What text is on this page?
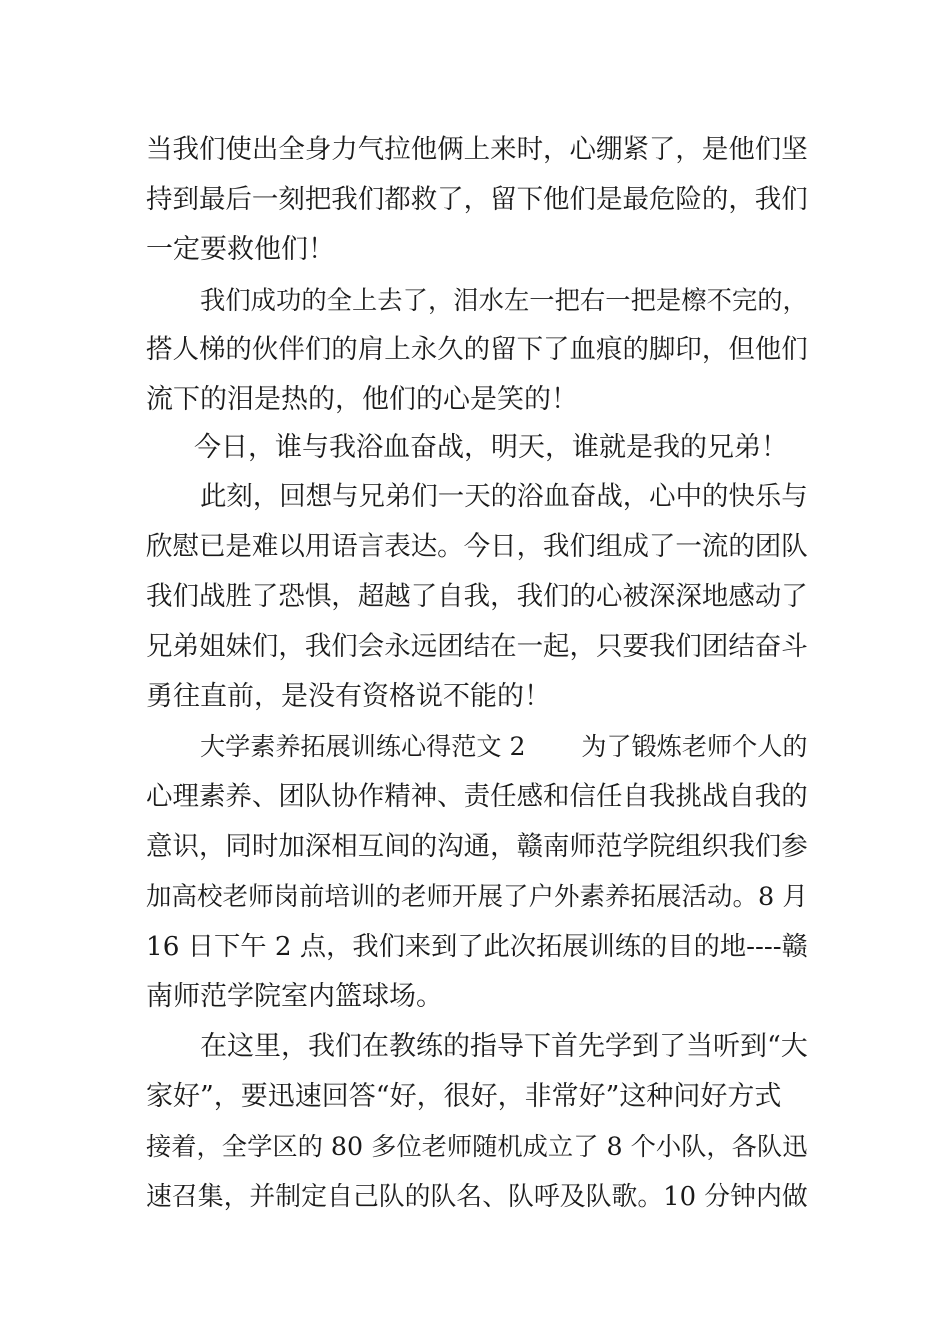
当我们使出全身力气拉他俩上来时，心绷紧了，是他们坚
持到最后一刻把我们都救了，留下他们是最危险的，我们
一定要救他们！
我们成功的全上去了，泪水左一把右一把是檫不完的，
搭人梯的伙伴们的肩上永久的留下了血痕的脚印，但他们
流下的泪是热的，他们的心是笑的！
今日，谁与我浴血奋战，明天，谁就是我的兄弟！
此刻，回想与兄弟们一天的浴血奋战，心中的快乐与
欣慰已是难以用语言表达。今日，我们组成了一流的团队
我们战胜了恐惧，超越了自我，我们的心被深深地感动了
兄弟姐妹们，我们会永远团结在一起，只要我们团结奋斗
勇往直前，是没有资格说不能的！
大学素养拓展训练心得范文 2       为了锻炼老师个人的
心理素养、团队协作精神、责任感和信任自我挑战自我的
意识，同时加深相互间的沟通，赣南师范学院组织我们参
加高校老师岗前培训的老师开展了户外素养拓展活动。8 月
16 日下午 2 点，我们来到了此次拓展训练的目的地----赣
南师范学院室内篮球场。
在这里，我们在教练的指导下首先学到了当听到“大
家好”，要迅速回答“好，很好，非常好”这种问好方式
接着，全学区的 80 多位老师随机成立了 8 个小队，各队迅
速召集，并制定自己队的队名、队呼及队歌。10 分钟内做
